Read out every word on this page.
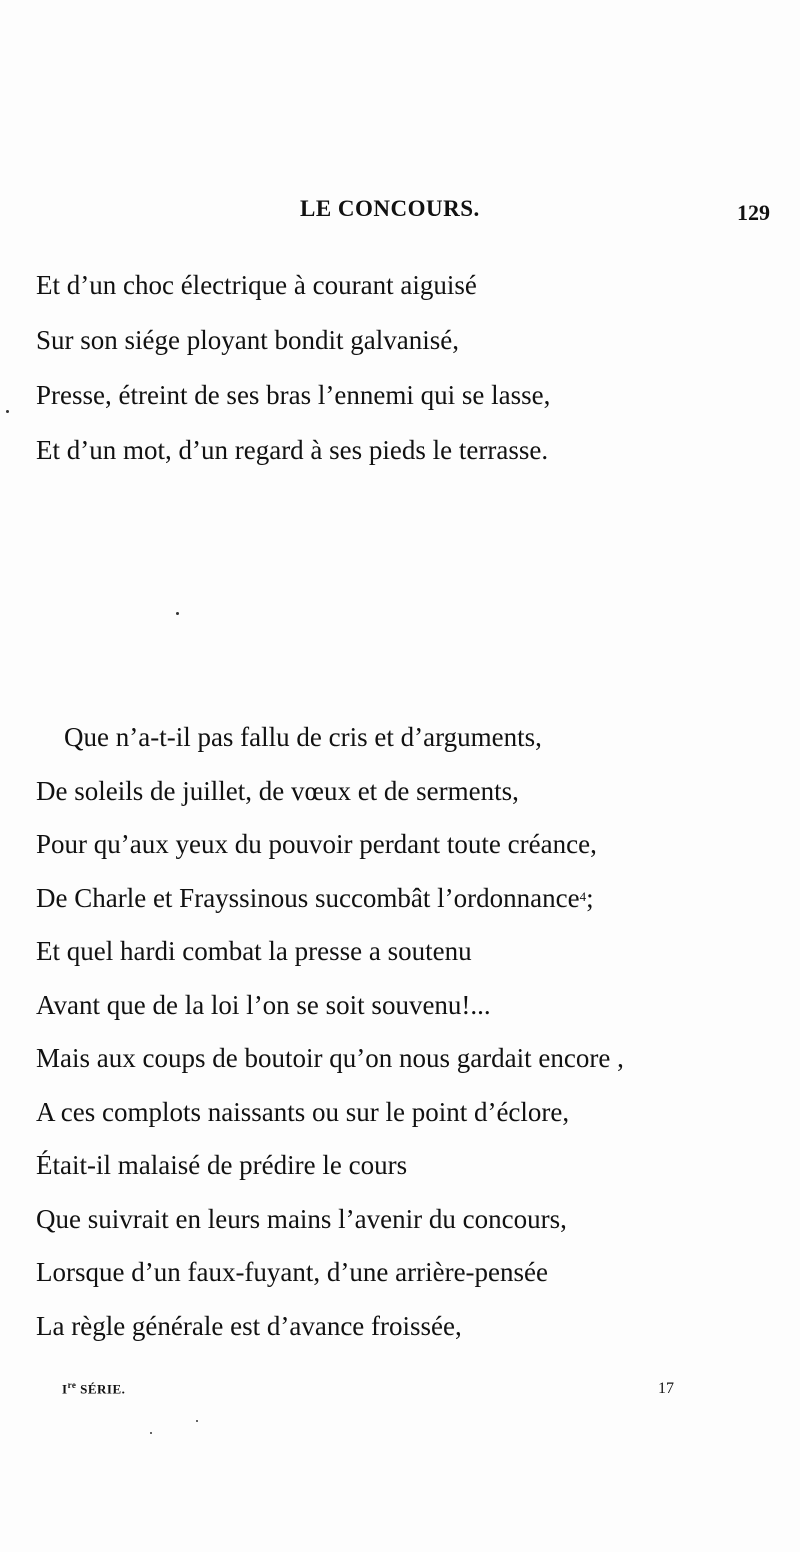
LE CONCOURS.	129
Et d’un choc électrique à courant aiguisé
Sur son siége ployant bondit galvanisé,
Presse, étreint de ses bras l’ennemi qui se lasse,
Et d’un mot, d’un regard à ses pieds le terrasse.
Que n’a-t-il pas fallu de cris et d’arguments,
De soleils de juillet, de vœux et de serments,
Pour qu’aux yeux du pouvoir perdant toute créance,
De Charle et Frayssinous succombât l’ordonnance$^4$;
Et quel hardi combat la presse a soutenu
Avant que de la loi l’on se soit souvenu!...
Mais aux coups de boutoir qu’on nous gardait encore ,
A ces complots naissants ou sur le point d’éclore,
Était-il malaisé de prédire le cours
Que suivrait en leurs mains l’avenir du concours,
Lorsque d’un faux-fuyant, d’une arrière-pensée
La règle générale est d’avance froissée,
Ire SÉRIE.	17
